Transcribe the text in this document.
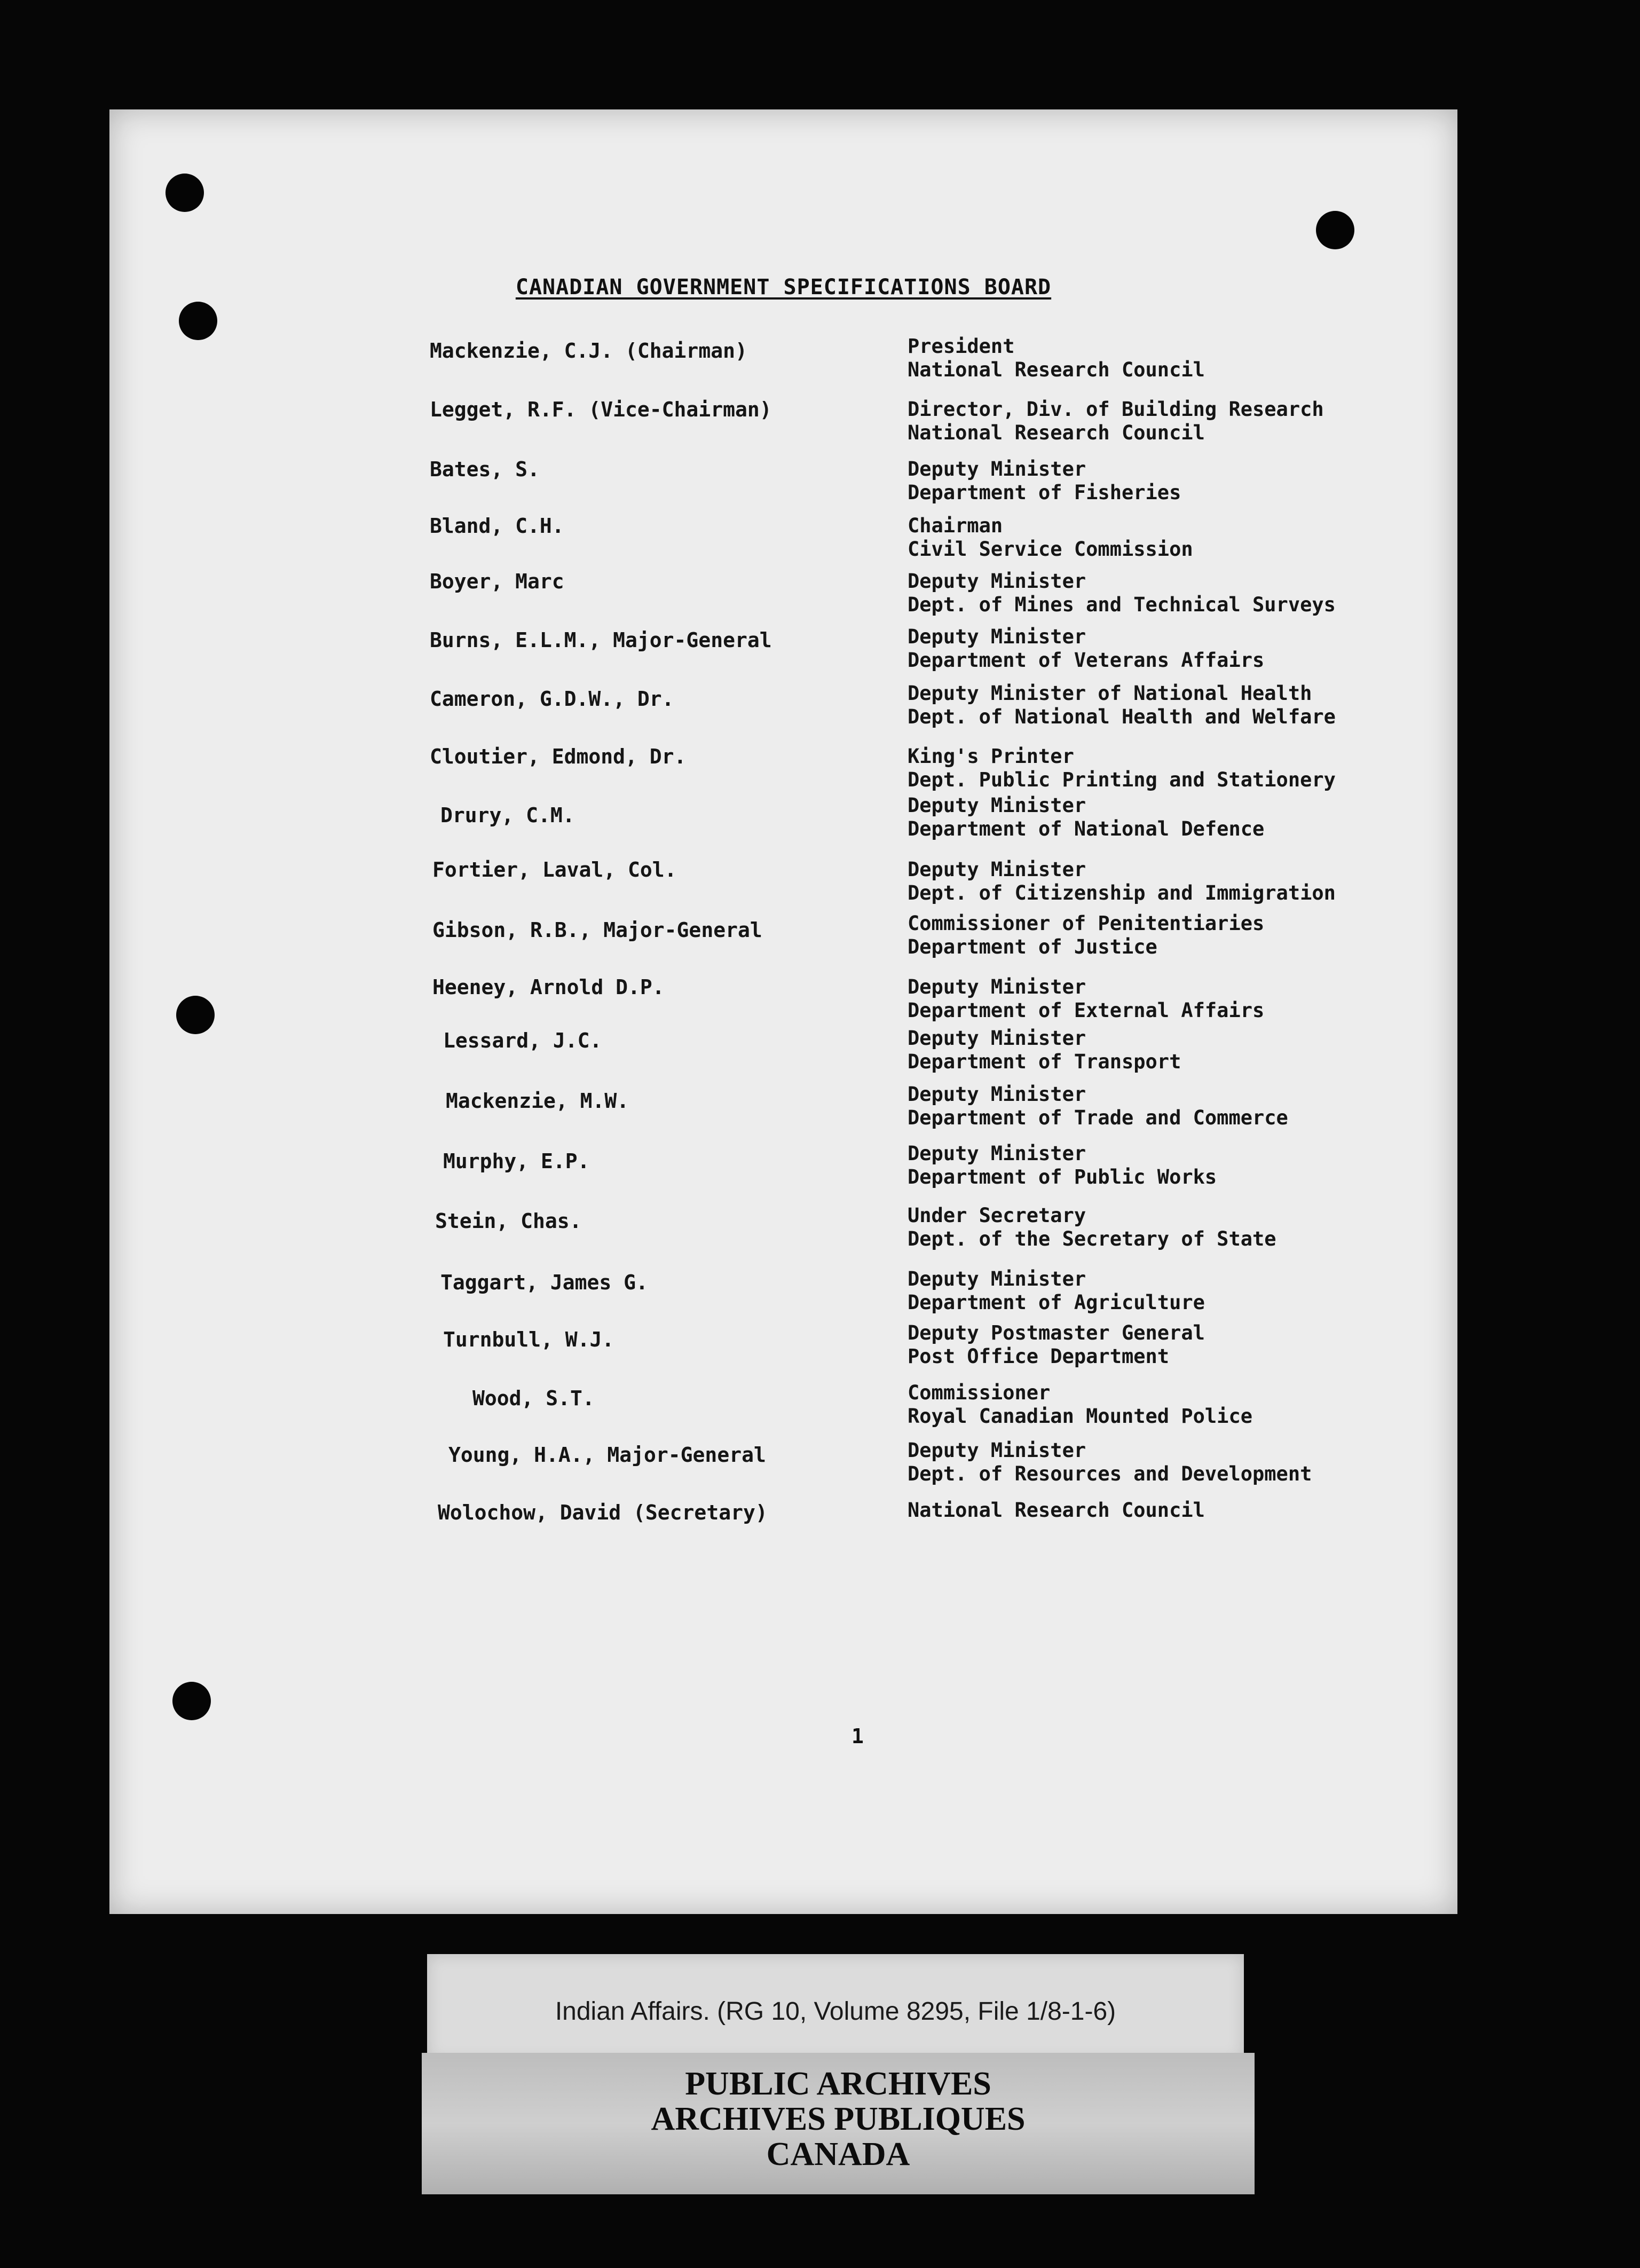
CANADIAN GOVERNMENT SPECIFICATIONS BOARD
Mackenzie, C.J. (Chairman)	President
National Research Council
Legget, R.F. (Vice-Chairman)	Director, Div. of Building Research
National Research Council
Bates, S.	Deputy Minister
Department of Fisheries
Bland, C.H.	Chairman
Civil Service Commission
Boyer, Marc	Deputy Minister
Dept. of Mines and Technical Surveys
Burns, E.L.M., Major-General	Deputy Minister
Department of Veterans Affairs
Cameron, G.D.W., Dr.	Deputy Minister of National Health
Dept. of National Health and Welfare
Cloutier, Edmond, Dr.	King's Printer
Dept. Public Printing and Stationery
Drury, C.M.	Deputy Minister
Department of National Defence
Fortier, Laval, Col.	Deputy Minister
Dept. of Citizenship and Immigration
Gibson, R.B., Major-General	Commissioner of Penitentiaries
Department of Justice
Heeney, Arnold D.P.	Deputy Minister
Department of External Affairs
Lessard, J.C.	Deputy Minister
Department of Transport
Mackenzie, M.W.	Deputy Minister
Department of Trade and Commerce
Murphy, E.P.	Deputy Minister
Department of Public Works
Stein, Chas.	Under Secretary
Dept. of the Secretary of State
Taggart, James G.	Deputy Minister
Department of Agriculture
Turnbull, W.J.	Deputy Postmaster General
Post Office Department
Wood, S.T.	Commissioner
Royal Canadian Mounted Police
Young, H.A., Major-General	Deputy Minister
Dept. of Resources and Development
Wolochow, David (Secretary)	National Research Council
1
Indian Affairs. (RG 10, Volume 8295, File 1/8-1-6)
PUBLIC ARCHIVES
ARCHIVES PUBLIQUES
CANADA
